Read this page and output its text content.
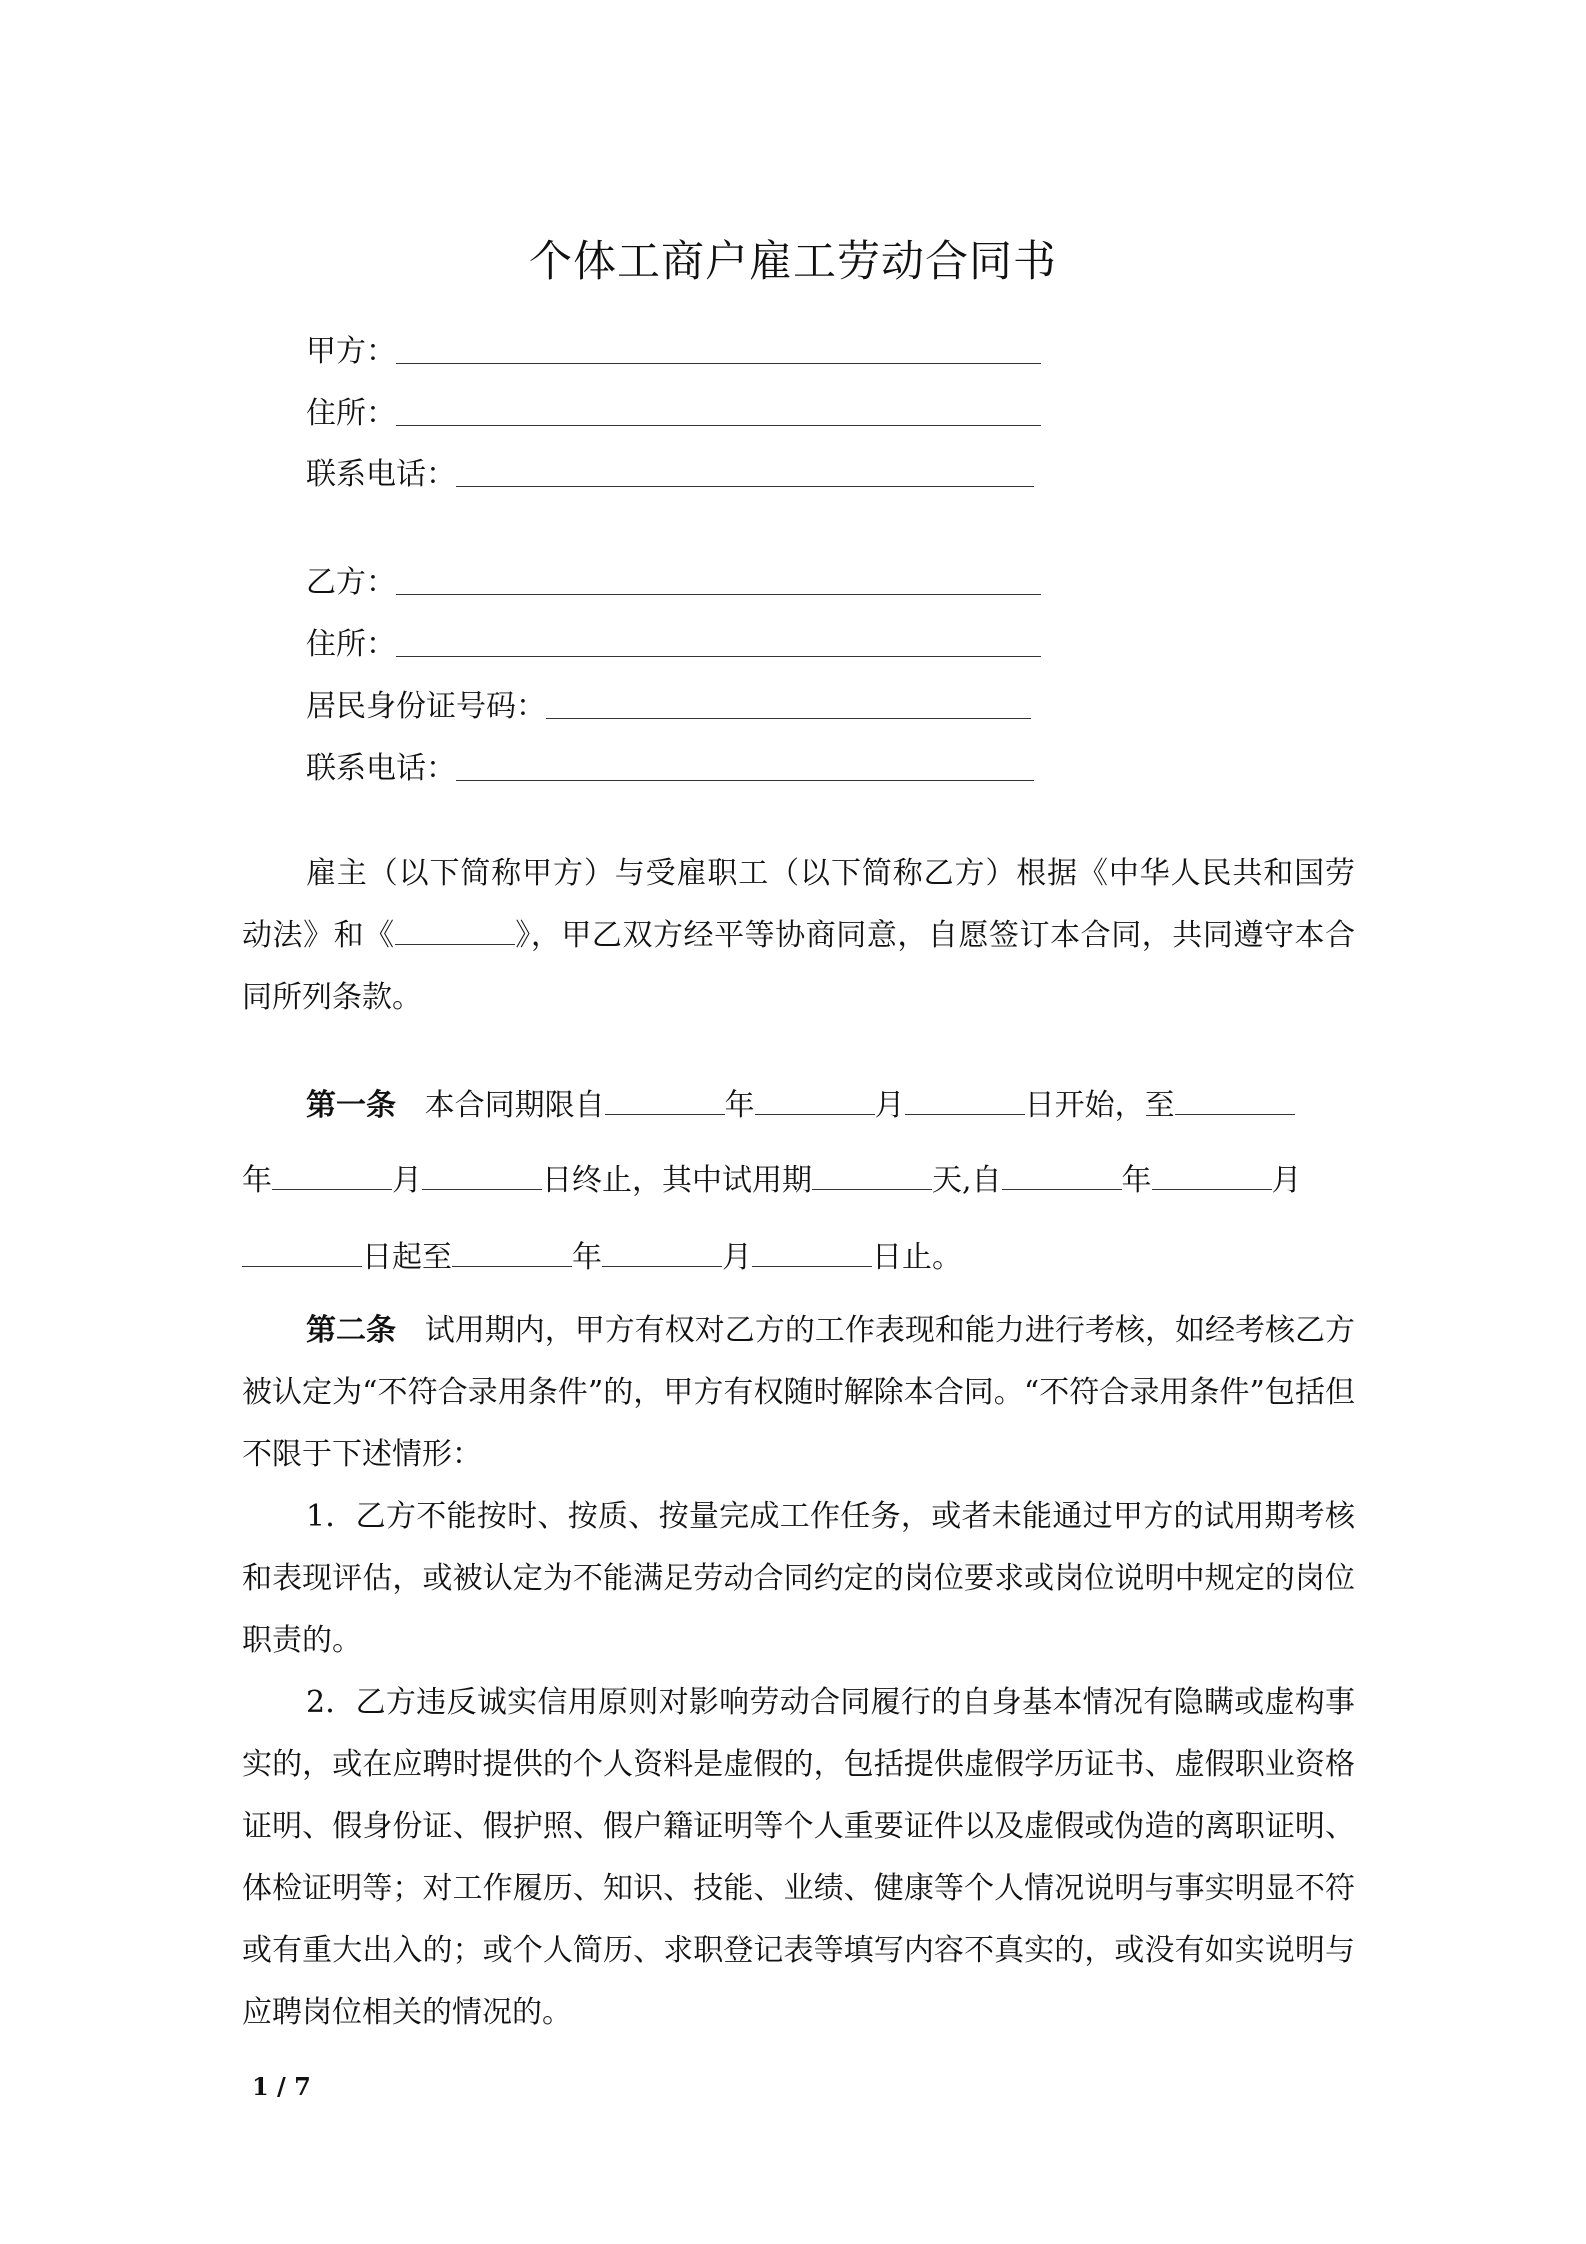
个体工商户雇工劳动合同书
甲方：
住所：
联系电话：
乙方：
住所：
居民身份证号码：
联系电话：

雇主（以下简称甲方）与受雇职工（以下简称乙方）根据《中华人民共和国劳动法》和《	》，甲乙双方经平等协商同意，自愿签订本合同，共同遵守本合同所列条款。

第一条 本合同期限自	年	月	日开始，至
年	月	日终止，其中试用期	天,自	年	月
日起至	年	月	日止。

第二条 试用期内，甲方有权对乙方的工作表现和能力进行考核，如经考核乙方被认定为“不符合录用条件”的，甲方有权随时解除本合同。“不符合录用条件”包括但不限于下述情形：

1．乙方不能按时、按质、按量完成工作任务，或者未能通过甲方的试用期考核和表现评估，或被认定为不能满足劳动合同约定的岗位要求或岗位说明中规定的岗位职责的。

2．乙方违反诚实信用原则对影响劳动合同履行的自身基本情况有隐瞒或虚构事实的，或在应聘时提供的个人资料是虚假的，包括提供虚假学历证书、虚假职业资格证明、假身份证、假护照、假户籍证明等个人重要证件以及虚假或伪造的离职证明、体检证明等；对工作履历、知识、技能、业绩、健康等个人情况说明与事实明显不符或有重大出入的；或个人简历、求职登记表等填写内容不真实的，或没有如实说明与应聘岗位相关的情况的。

1 / 7
